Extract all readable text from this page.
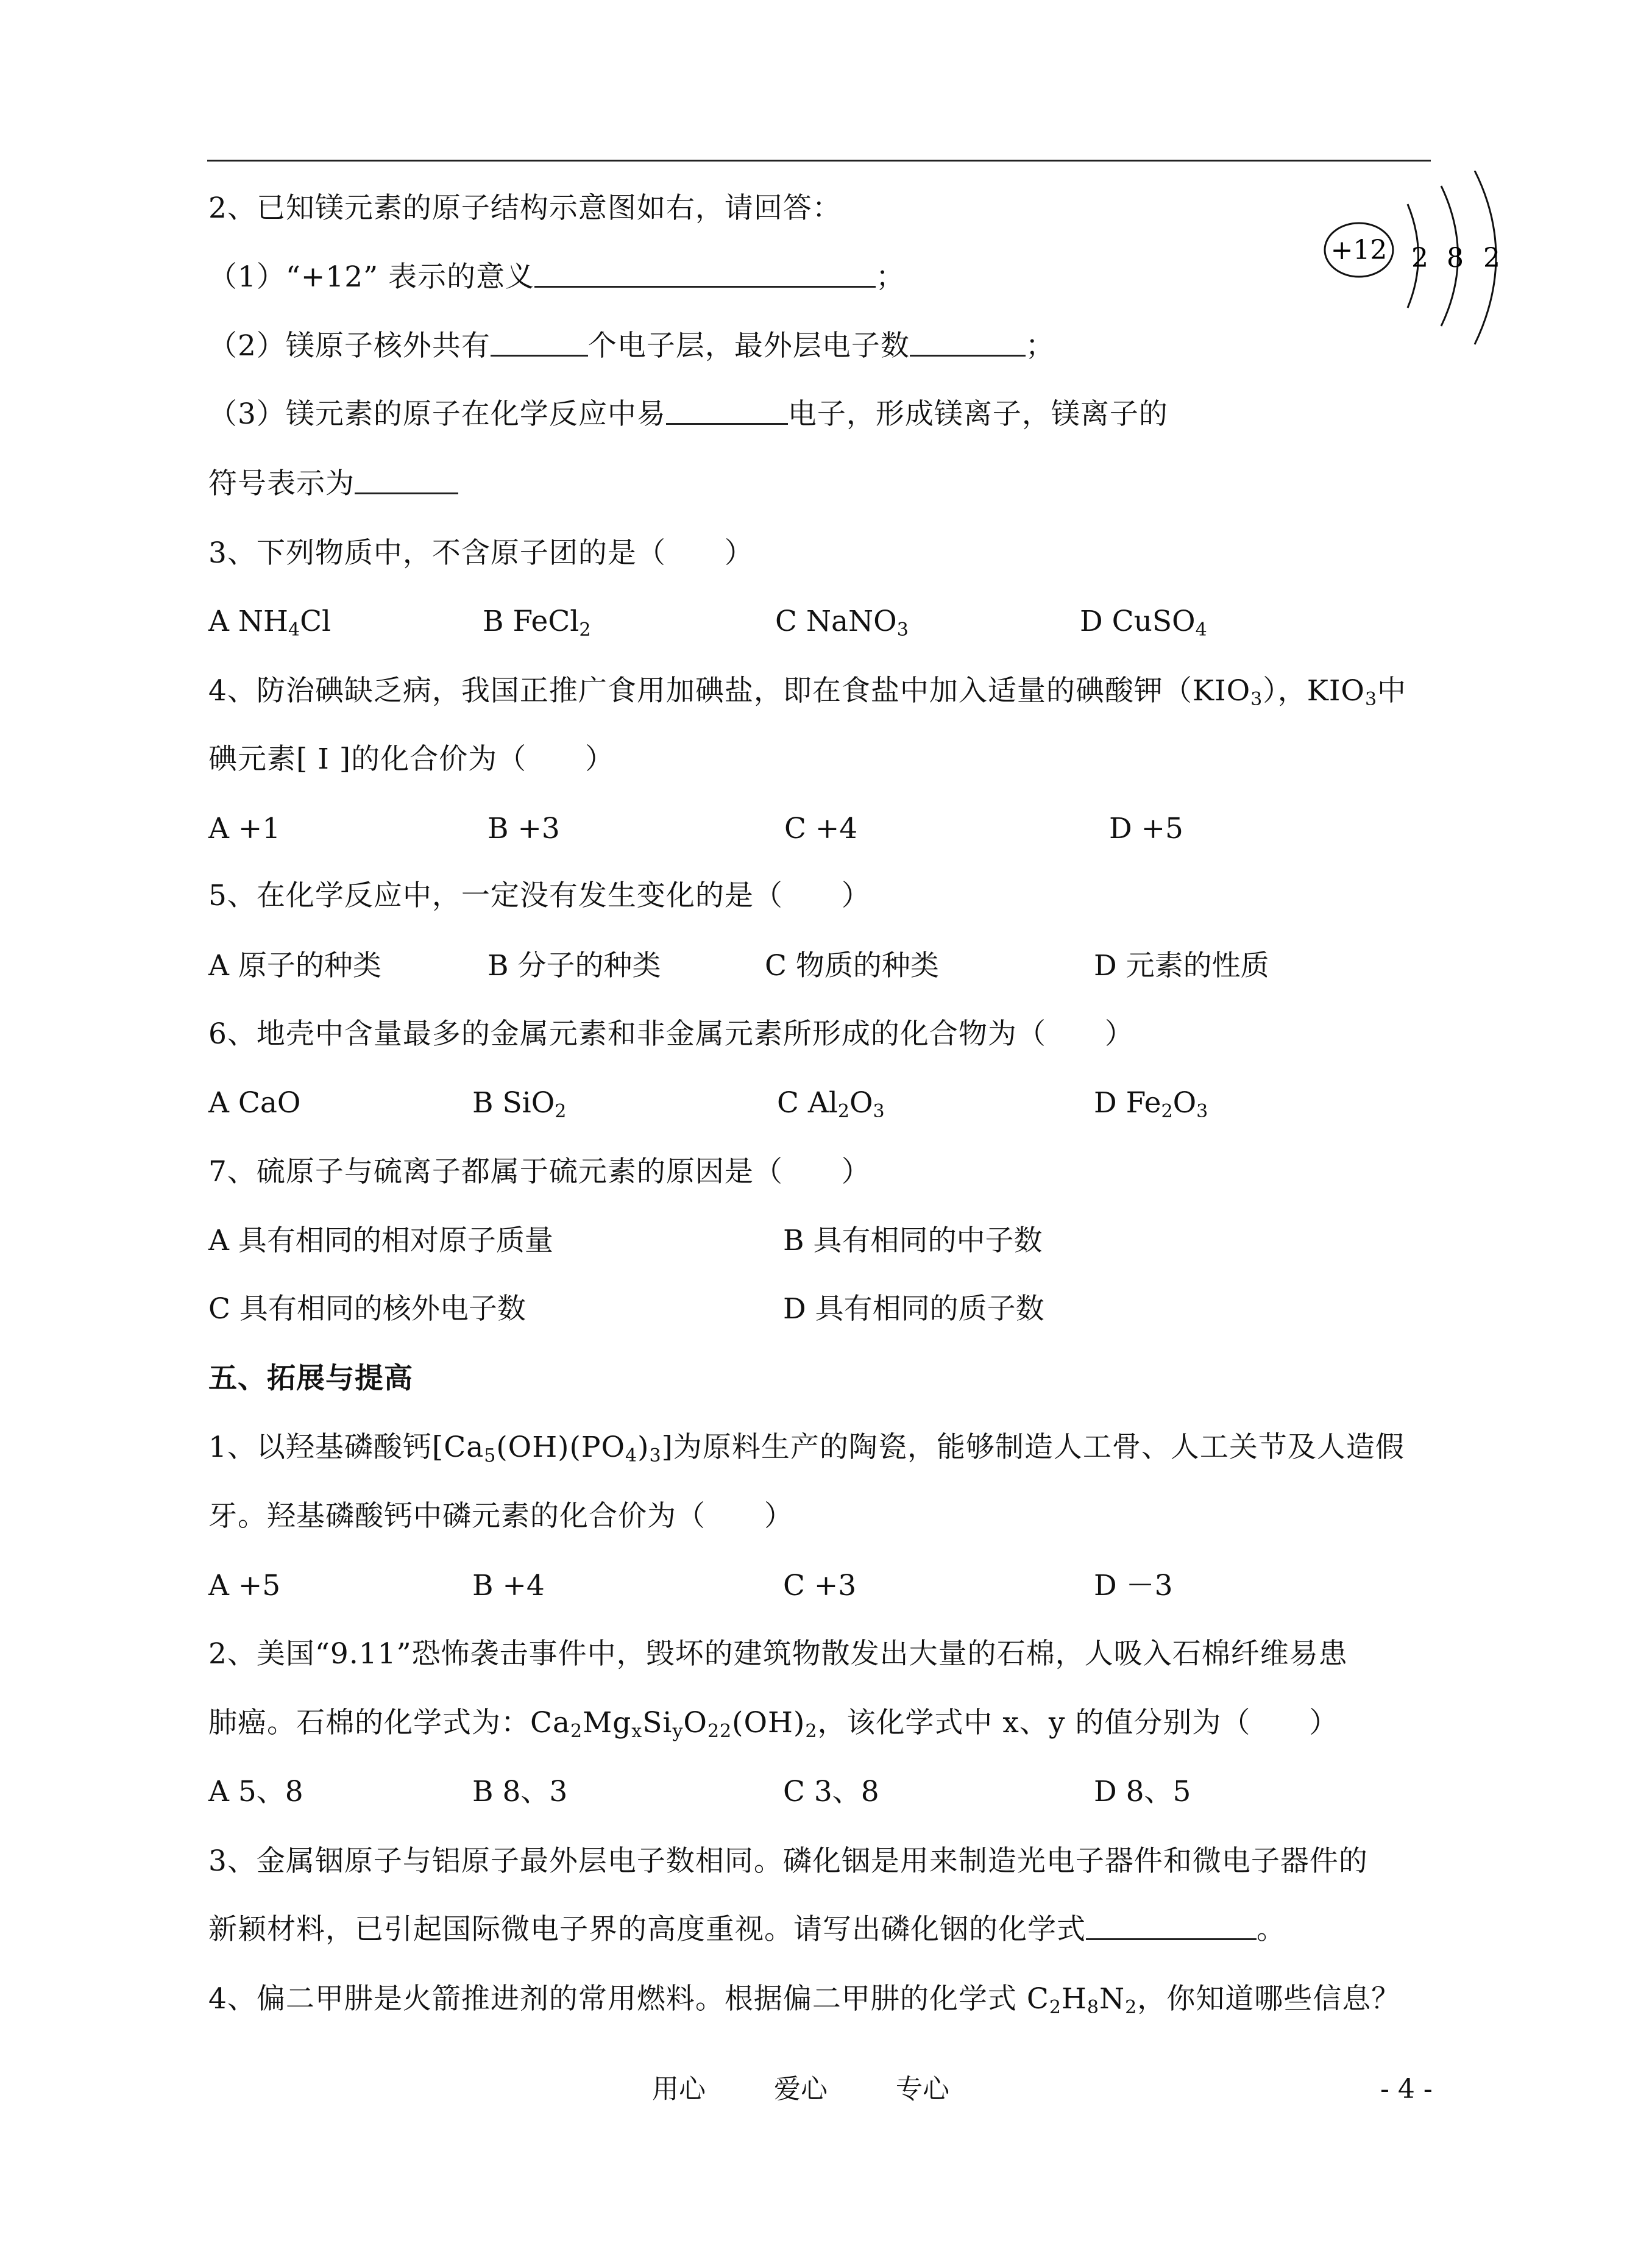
+12 2 8 2
2、已知镁元素的原子结构示意图如右，请回答：
（1）“+12” 表示的意义	；
（2）镁原子核外共有	个电子层，最外层电子数	；
（3）镁元素的原子在化学反应中易	电子，形成镁离子，镁离子的
符号表示为
3、下列物质中，不含原子团的是（　　）
A $NH_4Cl$	B FeCl$_2$	C NaNO$_3$	D CuSO$_4$
4、防治碘缺乏病，我国正推广食用加碘盐，即在食盐中加入适量的碘酸钾$(KIO_3)$，$KIO_3$中
碘元素[ I ]的化合价为（　　）
A +1	B +3	C +4	D +5
5、在化学反应中，一定没有发生变化的是（　　）
A 原子的种类	B 分子的种类	C 物质的种类	D 元素的性质
6、地壳中含量最多的金属元素和非金属元素所形成的化合物为（　　）
A CaO	B SiO$_2$	C $Al_2O_3$	D $Fe_2O_3$
7、硫原子与硫离子都属于硫元素的原因是（　　）
A 具有相同的相对原子质量	B 具有相同的中子数
C 具有相同的核外电子数	D 具有相同的质子数
五、拓展与提高
1、以羟基磷酸钙$[Ca_5(OH)(PO_4)_3]$为原料生产的陶瓷，能够制造人工骨、人工关节及人造假
牙。羟基磷酸钙中磷元素的化合价为（　　）
A +5	B +4	C +3	D －3
2、美国“9.11”恐怖袭击事件中，毁坏的建筑物散发出大量的石棉，人吸入石棉纤维易患
肺癌。石棉的化学式为：$Ca_2Mg_xSi_yO_{22}(OH)_2$，该化学式中 x、y 的值分别为（　　）
A 5、8	B 8、3	C 3、8	D 8、5
3、金属铟原子与铝原子最外层电子数相同。磷化铟是用来制造光电子器件和微电子器件的
新颖材料，已引起国际微电子界的高度重视。请写出磷化铟的化学式	。
4、偏二甲肼是火箭推进剂的常用燃料。根据偏二甲肼的化学式 $C_2H_8N_2$，你知道哪些信息？
用心	爱心	专心	- 4 -
